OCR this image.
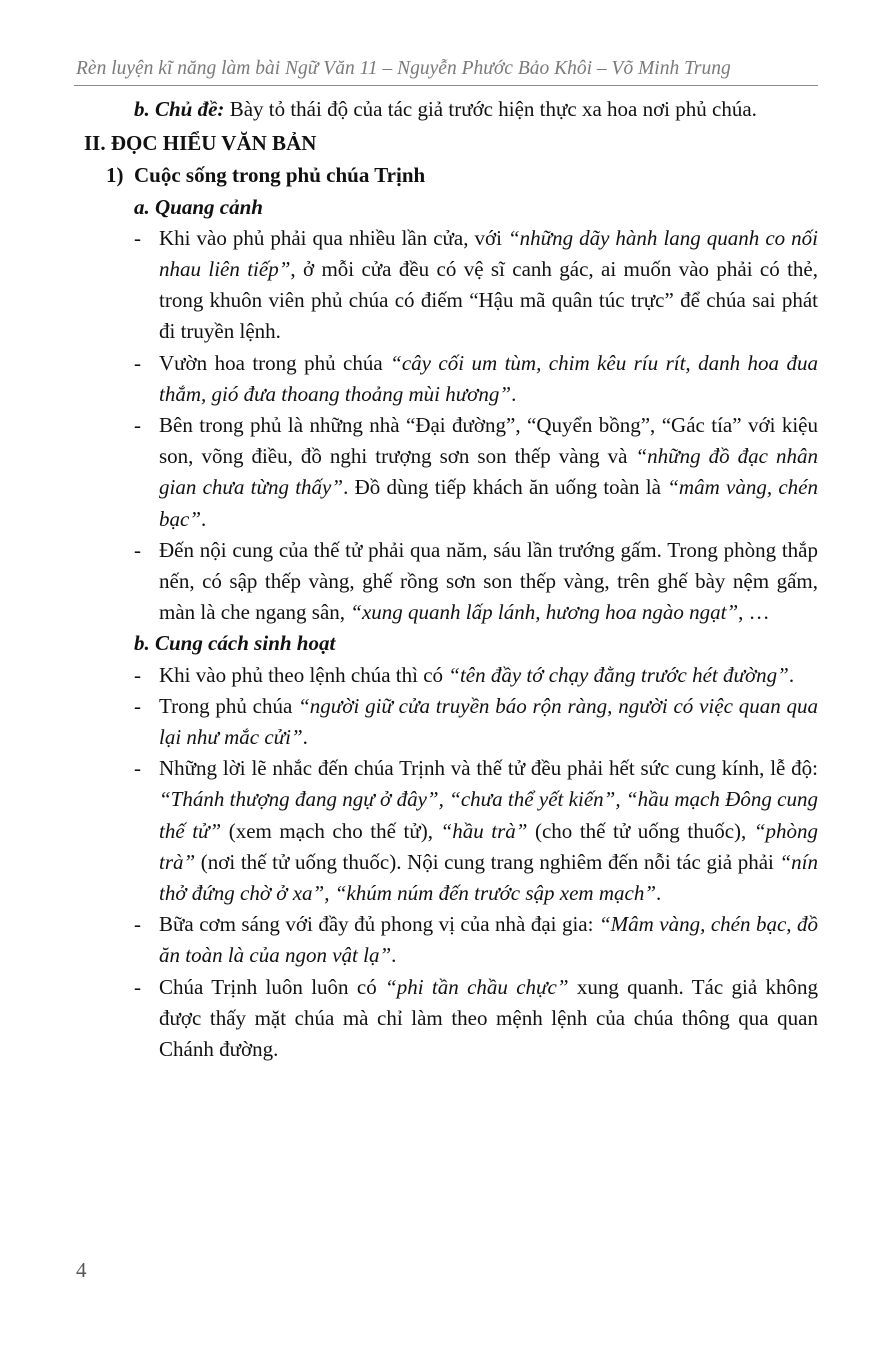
Rèn luyện kĩ năng làm bài Ngữ Văn 11 – Nguyễn Phước Bảo Khôi – Võ Minh Trung

b. Chủ đề: Bày tỏ thái độ của tác giả trước hiện thực xa hoa nơi phủ chúa.

II. ĐỌC HIỂU VĂN BẢN

1) Cuộc sống trong phủ chúa Trịnh

a. Quang cảnh

- Khi vào phủ phải qua nhiều lần cửa, với “những dãy hành lang quanh co nối nhau liên tiếp”, ở mỗi cửa đều có vệ sĩ canh gác, ai muốn vào phải có thẻ, trong khuôn viên phủ chúa có điếm “Hậu mã quân túc trực” để chúa sai phát đi truyền lệnh.
- Vườn hoa trong phủ chúa “cây cối um tùm, chim kêu ríu rít, danh hoa đua thắm, gió đưa thoang thoảng mùi hương”.
- Bên trong phủ là những nhà “Đại đường”, “Quyển bồng”, “Gác tía” với kiệu son, võng điều, đồ nghi trượng sơn son thếp vàng và “những đồ đạc nhân gian chưa từng thấy”. Đồ dùng tiếp khách ăn uống toàn là “mâm vàng, chén bạc”.
- Đến nội cung của thế tử phải qua năm, sáu lần trướng gấm. Trong phòng thắp nến, có sập thếp vàng, ghế rồng sơn son thếp vàng, trên ghế bày nệm gấm, màn là che ngang sân, “xung quanh lấp lánh, hương hoa ngào ngạt”, …

b. Cung cách sinh hoạt

- Khi vào phủ theo lệnh chúa thì có “tên đầy tớ chạy đằng trước hét đường”.
- Trong phủ chúa “người giữ cửa truyền báo rộn ràng, người có việc quan qua lại như mắc cửi”.
- Những lời lẽ nhắc đến chúa Trịnh và thế tử đều phải hết sức cung kính, lễ độ: “Thánh thượng đang ngự ở đây”, “chưa thể yết kiến”, “hầu mạch Đông cung thế tử” (xem mạch cho thế tử), “hầu trà” (cho thế tử uống thuốc), “phòng trà” (nơi thế tử uống thuốc). Nội cung trang nghiêm đến nỗi tác giả phải “nín thở đứng chờ ở xa”, “khúm núm đến trước sập xem mạch”.
- Bữa cơm sáng với đầy đủ phong vị của nhà đại gia: “Mâm vàng, chén bạc, đồ ăn toàn là của ngon vật lạ”.
- Chúa Trịnh luôn luôn có “phi tần chầu chực” xung quanh. Tác giả không được thấy mặt chúa mà chỉ làm theo mệnh lệnh của chúa thông qua quan Chánh đường.
4
